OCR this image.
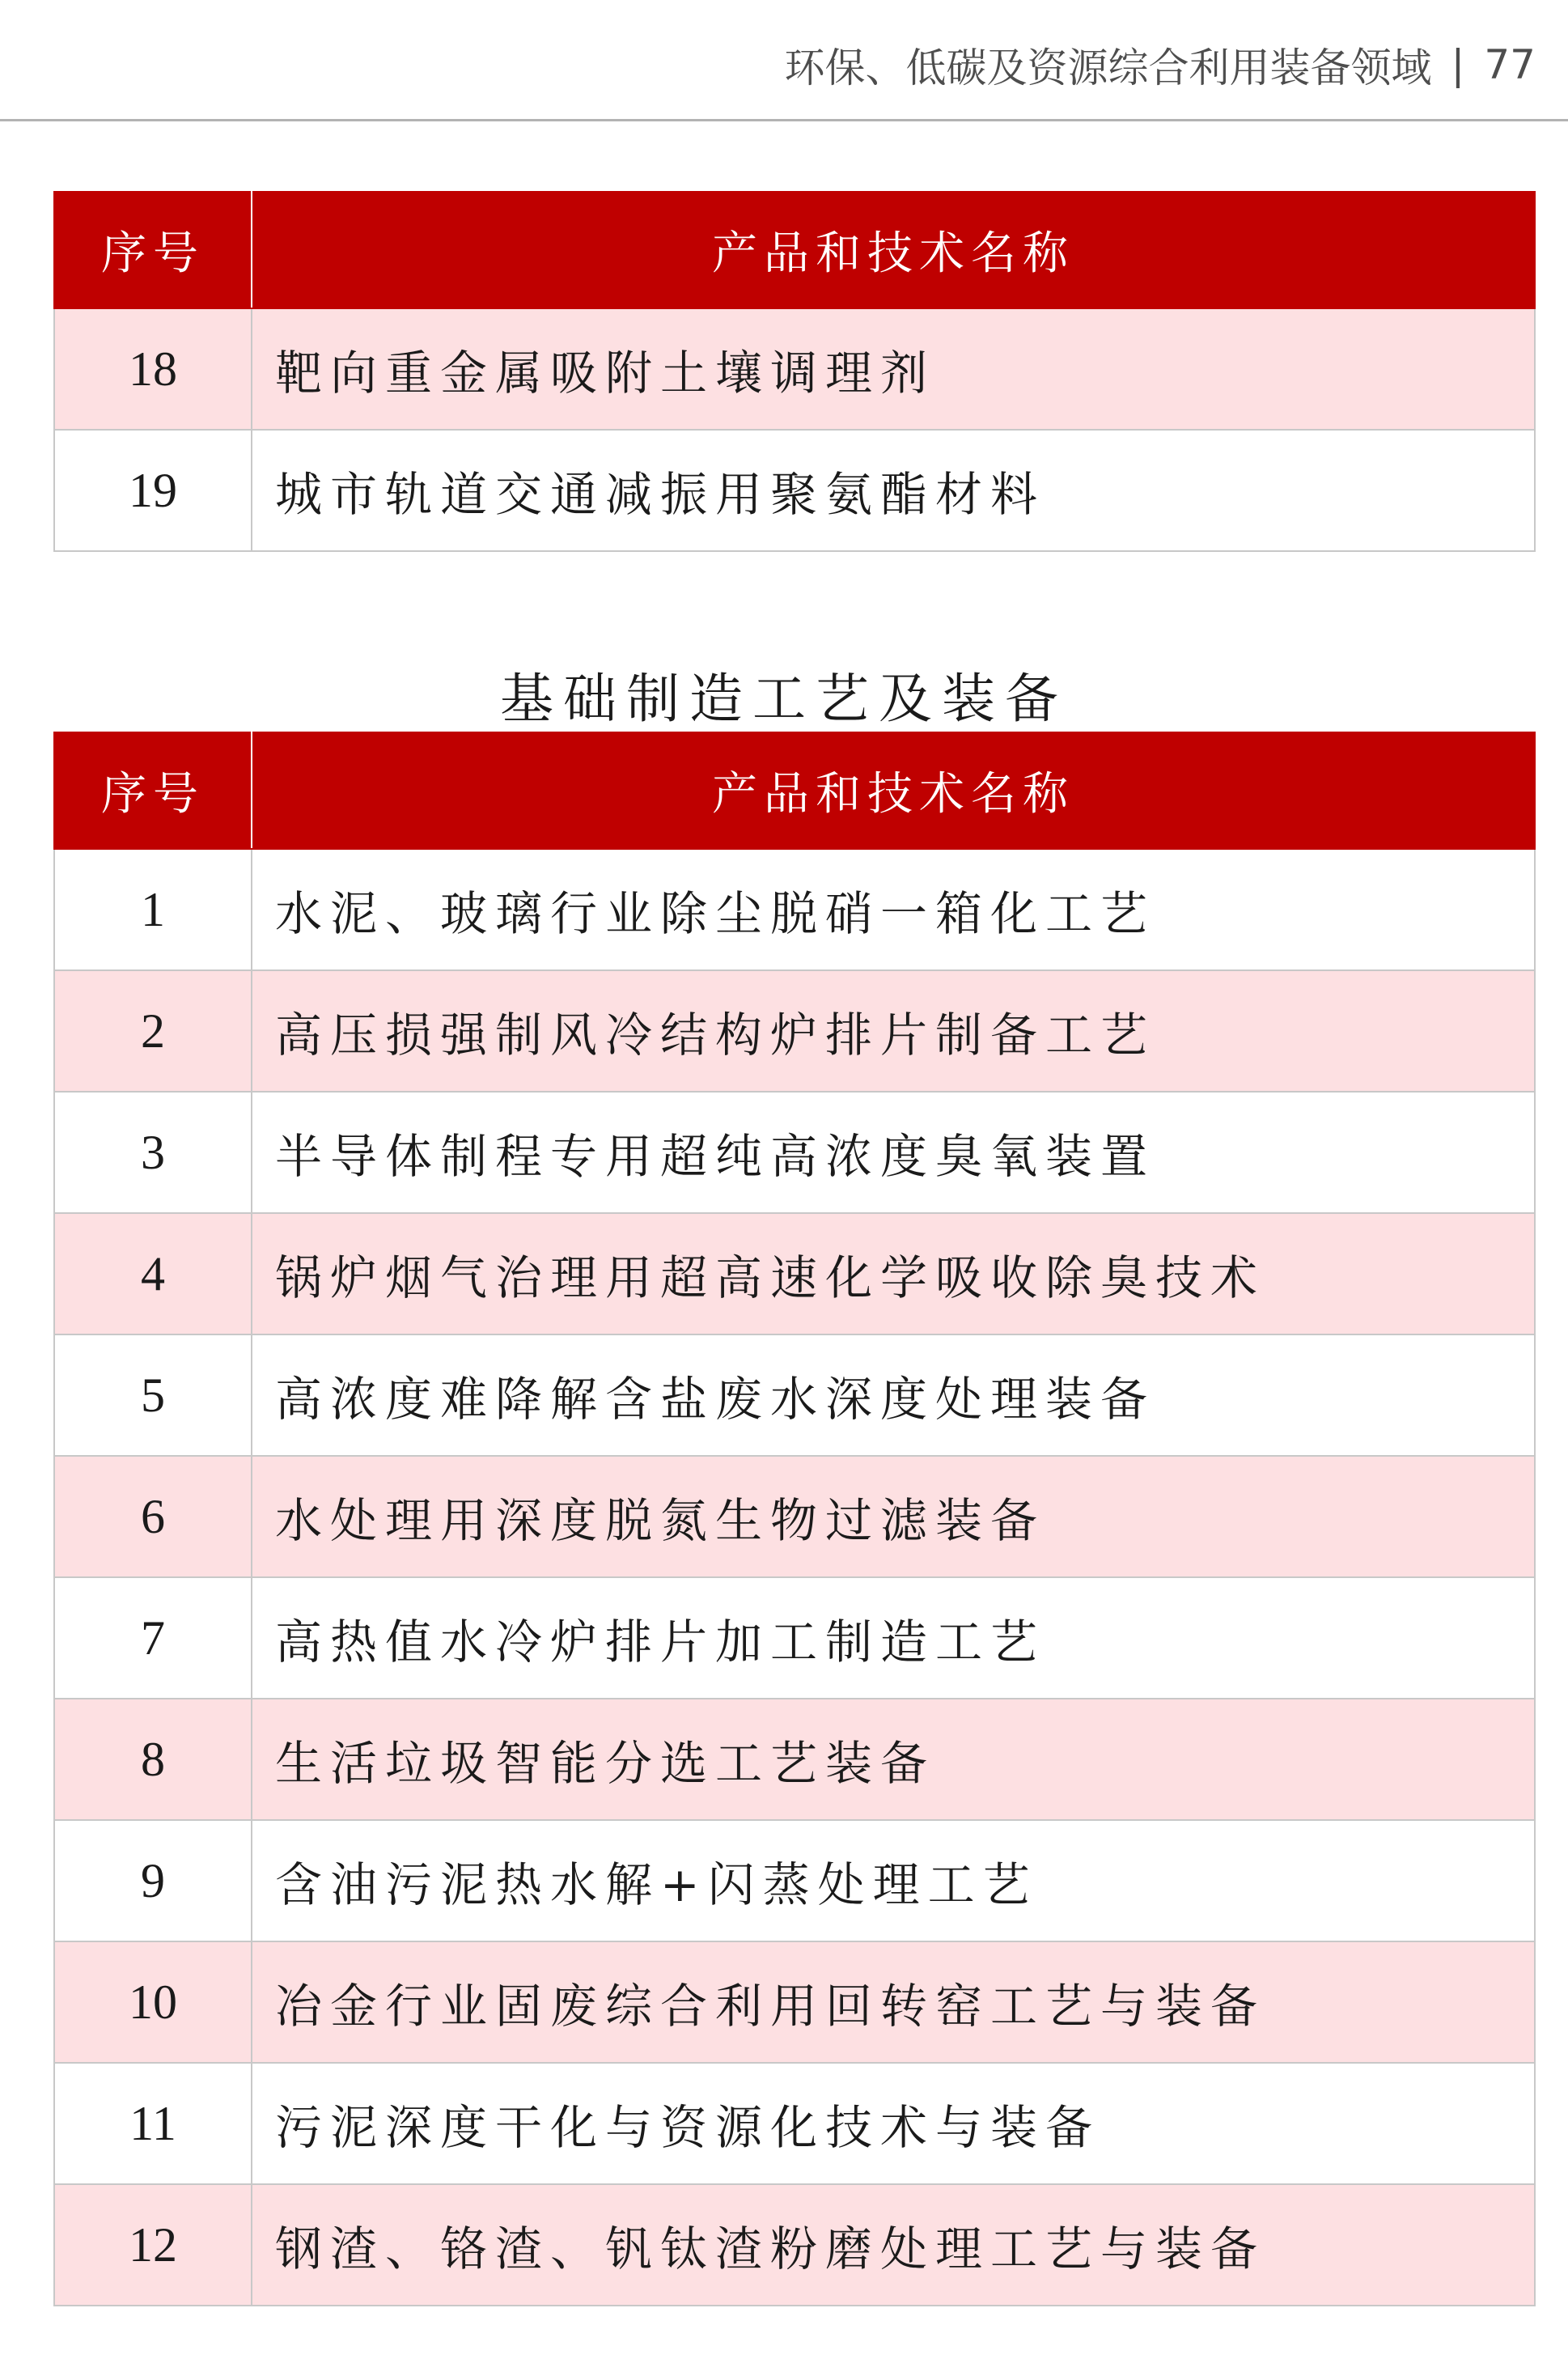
环保、低碳及资源综合利用装备领域 | 77
序号	产品和技术名称
18	靶向重金属吸附土壤调理剂
19	城市轨道交通减振用聚氨酯材料
基础制造工艺及装备
序号	产品和技术名称
1	水泥、玻璃行业除尘脱硝一箱化工艺
2	高压损强制风冷结构炉排片制备工艺
3	半导体制程专用超纯高浓度臭氧装置
4	锅炉烟气治理用超高速化学吸收除臭技术
5	高浓度难降解含盐废水深度处理装备
6	水处理用深度脱氮生物过滤装备
7	高热值水冷炉排片加工制造工艺
8	生活垃圾智能分选工艺装备
9	含油污泥热水解+闪蒸处理工艺
10	冶金行业固废综合利用回转窑工艺与装备
11	污泥深度干化与资源化技术与装备
12	钢渣、铬渣、钒钛渣粉磨处理工艺与装备
